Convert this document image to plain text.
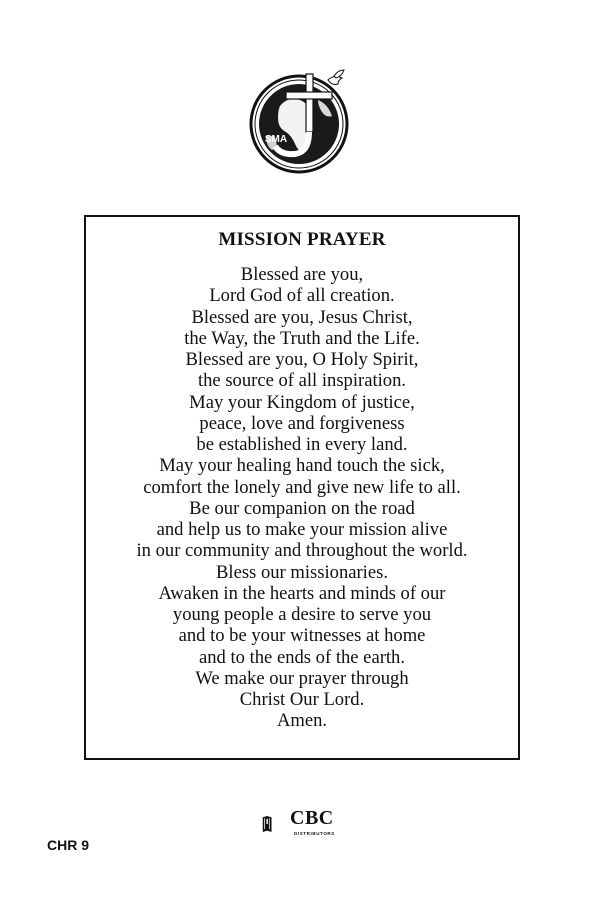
SMA
MISSION PRAYER
Blessed are you,
Lord God of all creation.
Blessed are you, Jesus Christ,
the Way, the Truth and the Life.
Blessed are you, O Holy Spirit,
the source of all inspiration.
May your Kingdom of justice,
peace, love and forgiveness
be established in every land.
May your healing hand touch the sick,
comfort the lonely and give new life to all.
Be our companion on the road
and help us to make your mission alive
in our community and throughout the world.
Bless our missionaries.
Awaken in the hearts and minds of our
young people a desire to serve you
and to be your witnesses at home
and to the ends of the earth.
We make our prayer through
Christ Our Lord.
Amen.
CBC
DISTRIBUTORS
CHR 9
